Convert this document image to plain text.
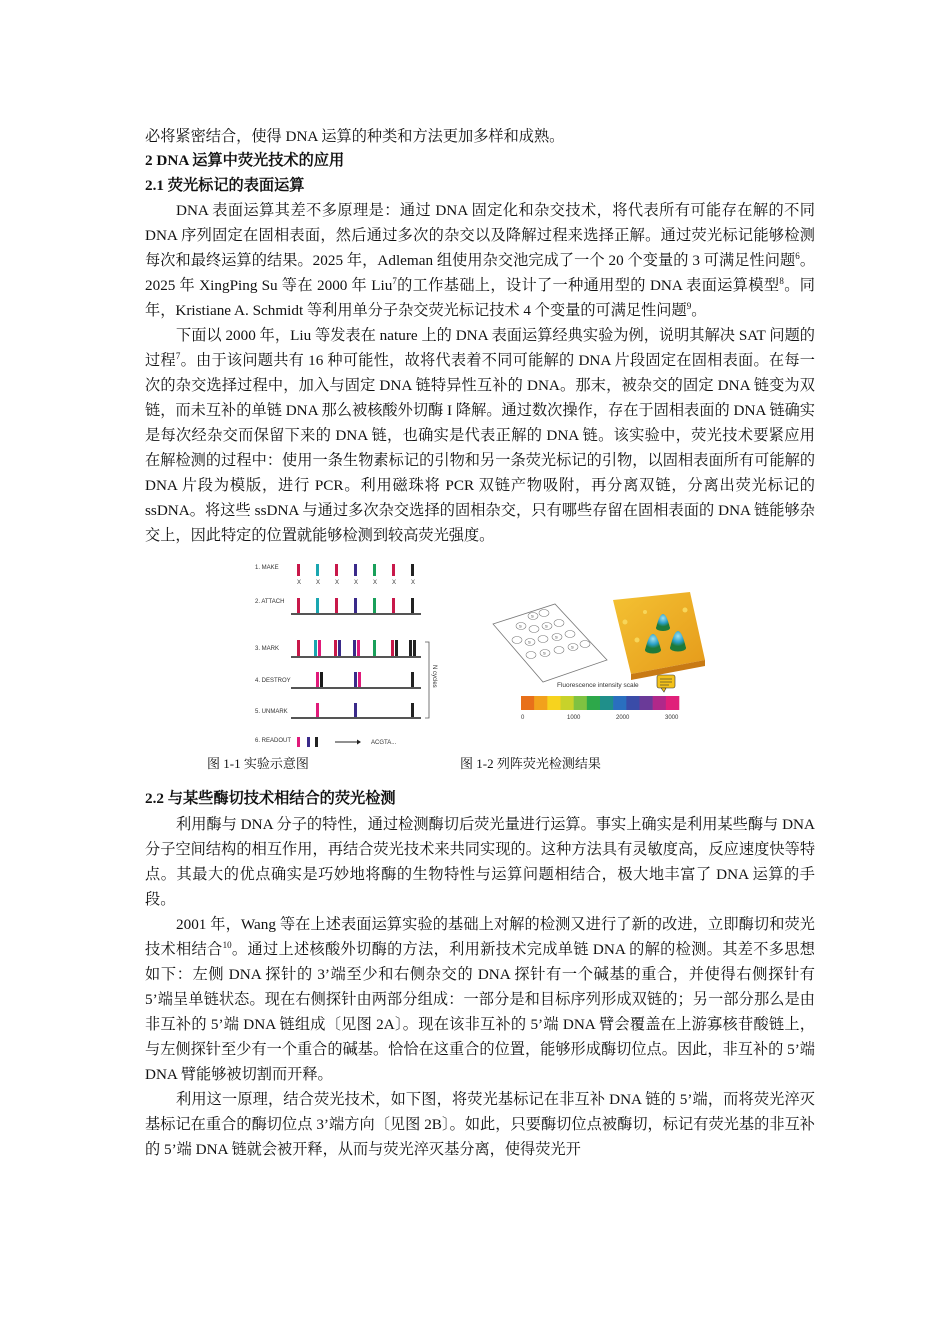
必将紧密结合，使得 DNA 运算的种类和方法更加多样和成熟。

2 DNA 运算中荧光技术的应用

2.1 荧光标记的表面运算

DNA 表面运算其差不多原理是：通过 DNA 固定化和杂交技术，将代表所有可能存在解的不同 DNA 序列固定在固相表面，然后通过多次的杂交以及降解过程来选择正解。通过荧光标记能够检测每次和最终运算的结果。2025 年，Adleman 组使用杂交池完成了一个 20 个变量的 3 可满足性问题$^6$。2025 年 XingPing Su 等在 2000 年 Liu$^7$的工作基础上，设计了一种通用型的 DNA 表面运算模型$^8$。同年，Kristiane A. Schmidt 等利用单分子杂交荧光标记技术 4 个变量的可满足性问题$^9$。

下面以 2000 年，Liu 等发表在 nature 上的 DNA 表面运算经典实验为例，说明其解决 SAT 问题的过程$^7$。由于该问题共有 16 种可能性，故将代表着不同可能解的 DNA 片段固定在固相表面。在每一次的杂交选择过程中，加入与固定 DNA 链特异性互补的 DNA。那末，被杂交的固定 DNA 链变为双链，而未互补的单链 DNA 那么被核酸外切酶 I 降解。通过数次操作，存在于固相表面的 DNA 链确实是每次经杂交而保留下来的 DNA 链，也确实是代表正解的 DNA 链。该实验中，荧光技术要紧应用在解检测的过程中：使用一条生物素标记的引物和另一条荧光标记的引物，以固相表面所有可能解的 DNA 片段为模版，进行 PCR。利用磁珠将 PCR 双链产物吸附，再分离双链，分离出荧光标记的 ssDNA。将这些 ssDNA 与通过多次杂交选择的固相杂交，只有哪些存留在固相表面的 DNA 链能够杂交上，因此特定的位置就能够检测到较高荧光强度。

1. MAKE
2. ATTACH
3. MARK
4. DESTROY
5. UNMARK
6. READOUT
X X X X X X X
N cycles
ACGTA...
S
S	S
S
S
S
S
Fluorescence intensity scale
0	1000	2000	3000
图 1-1 实验示意图	图 1-2 列阵荧光检测结果

2.2 与某些酶切技术相结合的荧光检测

利用酶与 DNA 分子的特性，通过检测酶切后荧光量进行运算。事实上确实是利用某些酶与 DNA 分子空间结构的相互作用，再结合荧光技术来共同实现的。这种方法具有灵敏度高，反应速度快等特点。其最大的优点确实是巧妙地将酶的生物特性与运算问题相结合，极大地丰富了 DNA 运算的手段。

2001 年，Wang 等在上述表面运算实验的基础上对解的检测又进行了新的改进，立即酶切和荧光技术相结合$^{10}$。通过上述核酸外切酶的方法，利用新技术完成单链 DNA 的解的检测。其差不多思想如下：左侧 DNA 探针的 3’端至少和右侧杂交的 DNA 探针有一个碱基的重合，并使得右侧探针有 5’端呈单链状态。现在右侧探针由两部分组成：一部分是和目标序列形成双链的；另一部分那么是由非互补的 5’端 DNA 链组成〔见图 2A〕。现在该非互补的 5’端 DNA 臂会覆盖在上游寡核苷酸链上，与左侧探针至少有一个重合的碱基。恰恰在这重合的位置，能够形成酶切位点。因此，非互补的 5’端 DNA 臂能够被切割而开释。

利用这一原理，结合荧光技术，如下图，将荧光基标记在非互补 DNA 链的 5’端，而将荧光淬灭基标记在重合的酶切位点 3’端方向〔见图 2B〕。如此，只要酶切位点被酶切，标记有荧光基的非互补的 5’端 DNA 链就会被开释，从而与荧光淬灭基分离，使得荧光开
